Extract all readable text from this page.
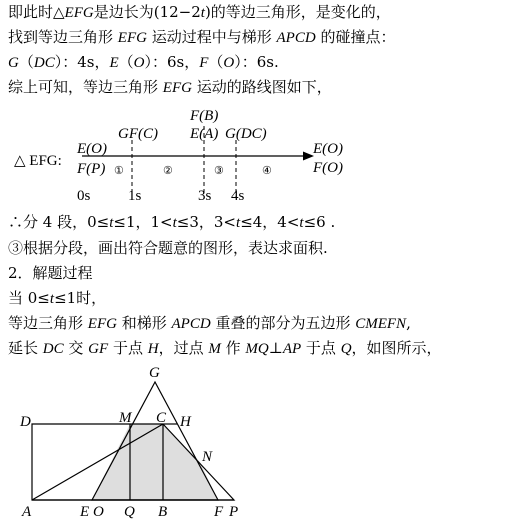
即此时△EFG是边长为(12−2t)的等边三角形，是变化的，
找到等边三角形 EFG 运动过程中与梯形 APCD 的碰撞点：
G（DC）：4s，E（O）：6s，F（O）：6s.
综上可知，等边三角形 EFG 运动的路线图如下，
△ EFG:
E(O)
F(P)
GF(C)
F(B)
E(A) G(DC)
E(O)
F(O)
①	②	③	④
0s	1s	3s 4s
∴分 4 段，0≤t≤1，1<t≤3，3<t≤4，4<t≤6 .
③根据分段，画出符合题意的图形，表达求面积.
2．解题过程
当 0≤t≤1时，
等边三角形 EFG 和梯形 APCD 重叠的部分为五边形 CMEFN,
延长 DC 交 GF 于点 H，过点 M 作 MQ⊥AP 于点 Q，如图所示，
G
D	M C H
N
A	E O Q B	F P
